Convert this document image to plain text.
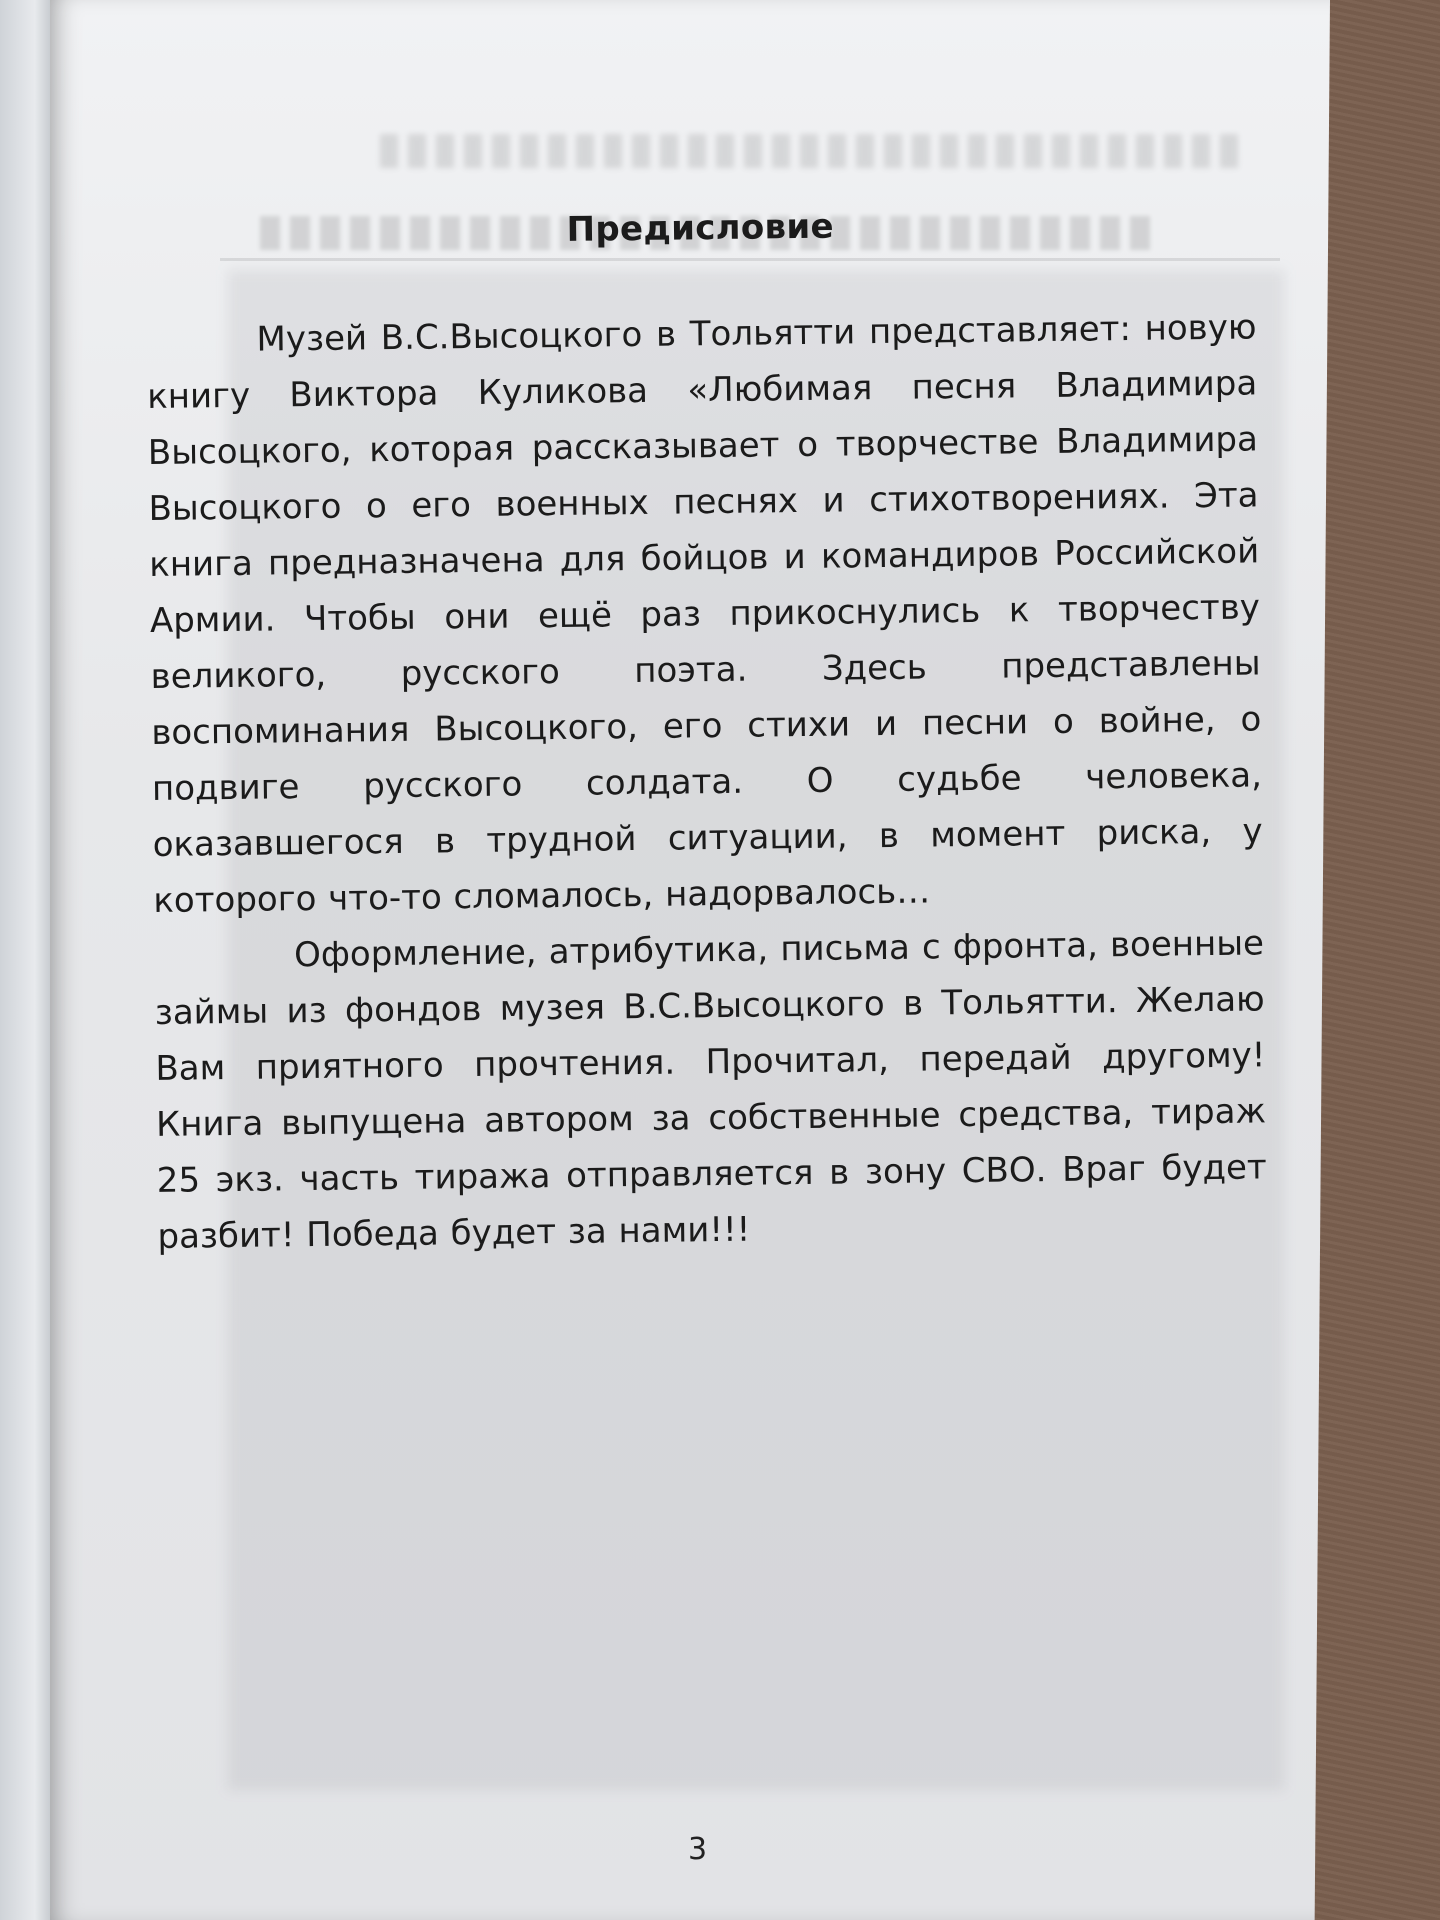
Предисловие

Музей В.С.Высоцкого в Тольятти представляет: новую книгу Виктора Куликова «Любимая песня Владимира Высоцкого, которая рассказывает о творчестве Владимира Высоцкого о его военных песнях и стихотворениях. Эта книга предназначена для бойцов и командиров Российской Армии. Чтобы они ещё раз прикоснулись к творчеству великого, русского поэта. Здесь представлены воспоминания Высоцкого, его стихи и песни о войне, о подвиге русского солдата. О судьбе человека, оказавшегося в трудной ситуации, в момент риска, у которого что-то сломалось, надорвалось…

Оформление, атрибутика, письма с фронта, военные займы из фондов музея В.С.Высоцкого в Тольятти. Желаю Вам приятного прочтения. Прочитал, передай другому! Книга выпущена автором за собственные средства, тираж 25 экз. часть тиража отправляется в зону СВО. Враг будет разбит! Победа будет за нами!!!

3
